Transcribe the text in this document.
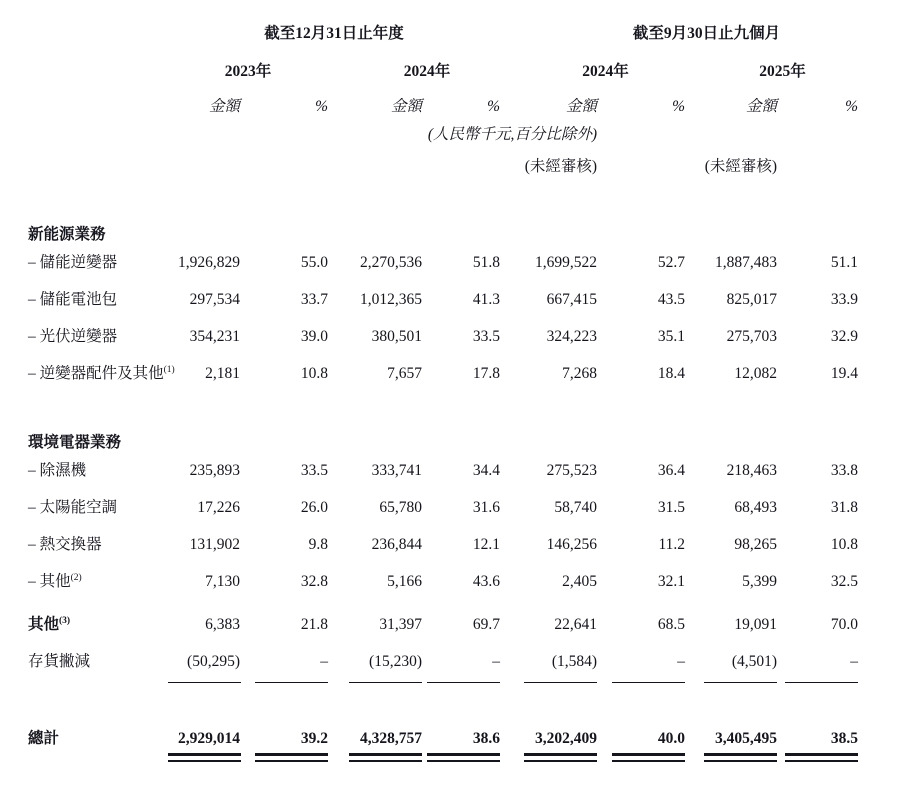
	截至12月31日止年度				截至9月30日止九個月			
	2023年		2024年		2024年		2025年	
	金額	%	金額	%	金額	%	金額	%
	(人民幣千元,百分比除外)							
					(未經審核)		(未經審核)	
新能源業務								
– 儲能逆變器	1,926,829	55.0	2,270,536	51.8	1,699,522	52.7	1,887,483	51.1
– 儲能電池包	297,534	33.7	1,012,365	41.3	667,415	43.5	825,017	33.9
– 光伏逆變器	354,231	39.0	380,501	33.5	324,223	35.1	275,703	32.9
– 逆變器配件及其他$^{(1)}$	2,181	10.8	7,657	17.8	7,268	18.4	12,082	19.4
環境電器業務								
– 除濕機	235,893	33.5	333,741	34.4	275,523	36.4	218,463	33.8
– 太陽能空調	17,226	26.0	65,780	31.6	58,740	31.5	68,493	31.8
– 熱交換器	131,902	9.8	236,844	12.1	146,256	11.2	98,265	10.8
– 其他$^{(2)}$	7,130	32.8	5,166	43.6	2,405	32.1	5,399	32.5
其他$^{(3)}$	6,383	21.8	31,397	69.7	22,641	68.5	19,091	70.0
存貨撇減	(50,295)	–	(15,230)	–	(1,584)	–	(4,501)	–

總計	2,929,014	39.2	4,328,757	38.6	3,202,409	40.0	3,405,495	38.5
